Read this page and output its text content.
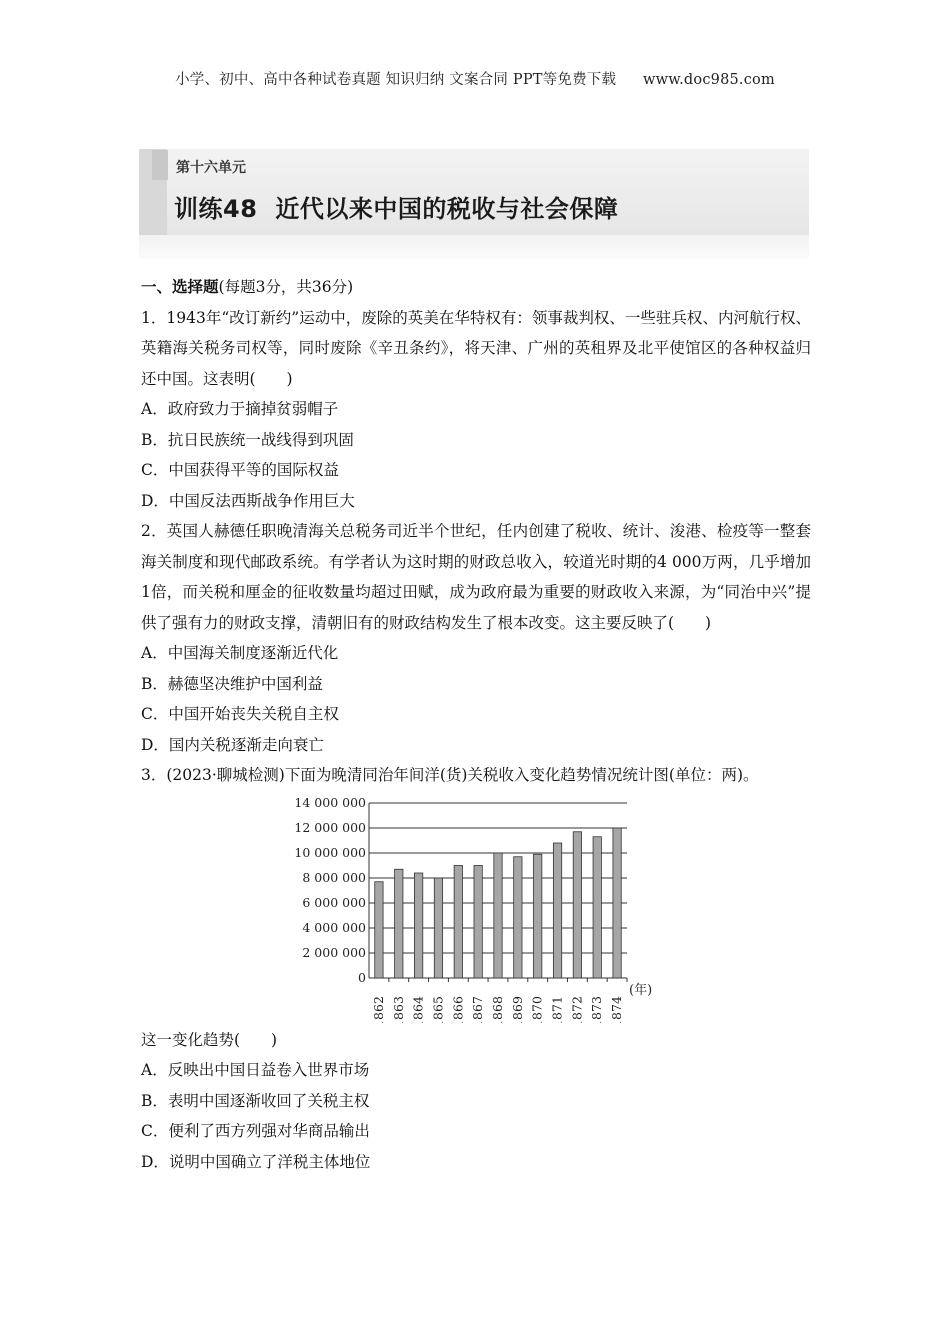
小学、初中、高中各种试卷真题 知识归纳 文案合同 PPT等免费下载 www.doc985.com
第十六单元
训练48 近代以来中国的税收与社会保障

一、选择题(每题3分，共36分)

1．1943年“改订新约”运动中，废除的英美在华特权有：领事裁判权、一些驻兵权、内河航行权、英籍海关税务司权等，同时废除《辛丑条约》，将天津、广州的英租界及北平使馆区的各种权益归还中国。这表明(　　)

A．政府致力于摘掉贫弱帽子

B．抗日民族统一战线得到巩固

C．中国获得平等的国际权益

D．中国反法西斯战争作用巨大

2．英国人赫德任职晚清海关总税务司近半个世纪，任内创建了税收、统计、浚港、检疫等一整套海关制度和现代邮政系统。有学者认为这时期的财政总收入，较道光时期的4 000万两，几乎增加1倍，而关税和厘金的征收数量均超过田赋，成为政府最为重要的财政收入来源，为“同治中兴”提供了强有力的财政支撑，清朝旧有的财政结构发生了根本改变。这主要反映了(　　)

A．中国海关制度逐渐近代化

B．赫德坚决维护中国利益

C．中国开始丧失关税自主权

D．国内关税逐渐走向衰亡

3．(2023·聊城检测)下面为晚清同治年间洋(货)关税收入变化趋势情况统计图(单位：两)。

0
2 000 000
4 000 000
6 000 000
8 000 000
10 000 000
12 000 000
14 000 000
1862 1863 1864 1865 1866 1867 1868 1869 1870 1871 1872 1873 1874
(年)

这一变化趋势(　　)

A．反映出中国日益卷入世界市场

B．表明中国逐渐收回了关税主权

C．便利了西方列强对华商品输出

D．说明中国确立了洋税主体地位
